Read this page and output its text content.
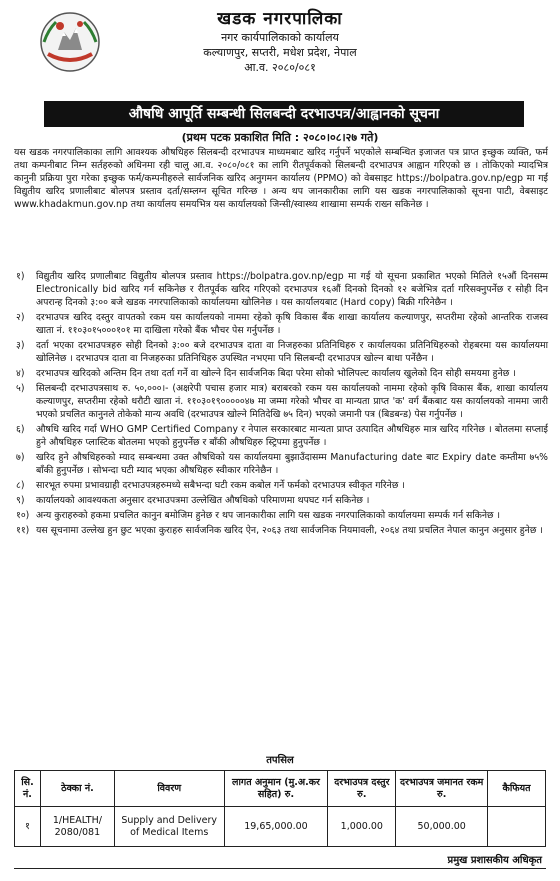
खडक नगरपालिका
नगर कार्यपालिकाको कार्यालय
कल्याणपुर, सप्तरी, मधेश प्रदेश, नेपाल
आ.व. २०८०/०८१
औषधि आपूर्ति सम्बन्धी सिलबन्दी दरभाउपत्र/आह्वानको सूचना
(प्रथम पटक प्रकाशित मिति : २०८०।०८।२७ गते)

यस खडक नगरपालिकाका लागि आवश्यक औषधिहरु सिलबन्दी दरभाउपत्र माध्यमबाट खरिद गर्नुपर्ने भएकोले सम्बन्धित इजाजत पत्र प्राप्त इच्छुक व्यक्ति, फर्म तथा कम्पनीबाट निम्न सर्तहरुको अधिनमा रही चालु आ.व. २०८०/०८१ का लागि रीतपूर्वकको सिलबन्दी दरभाउपत्र आह्वान गरिएको छ । तोकिएको म्यादभित्र कानुनी प्रक्रिया पुरा गरेका इच्छुक फर्म/कम्पनीहरुले सार्वजनिक खरिद अनुगमन कार्यालय (PPMO) को वेबसाइट https://bolpatra.gov.np/egp मा गई विद्युतीय खरिद प्रणालीबाट बोलपत्र प्रस्ताव दर्ता/सम्लग्न सूचित गरिन्छ । अन्य थप जानकारीका लागि यस खडक नगरपालिकाको सूचना पाटी, वेबसाइट www.khadakmun.gov.np तथा कार्यालय समयभित्र यस कार्यालयको जिन्सी/स्वास्थ्य शाखामा सम्पर्क राख्न सकिनेछ ।

१) विद्युतीय खरिद प्रणालीबाट विद्युतीय बोलपत्र प्रस्ताव https://bolpatra.gov.np/egp मा गई यो सूचना प्रकाशित भएको मितिले १५औं दिनसम्म Electronically bid खरिद गर्न सकिनेछ र रीतपूर्वक खरिद गरिएको दरभाउपत्र १६औं दिनको दिनको १२ बजेभित्र दर्ता गरिसक्नुपर्नेछ र सोही दिन अपरान्ह दिनको ३:०० बजे खडक नगरपालिकाको कार्यालयमा खोलिनेछ । यस कार्यालयबाट (Hard copy) बिक्री गरिनेछैन ।
२) दरभाउपत्र खरिद दस्तुर वापतको रकम यस कार्यालयको नाममा रहेको कृषि विकास बैंक शाखा कार्यालय कल्याणपुर, सप्तरीमा रहेको आन्तरिक राजस्व खाता नं. ११०३०१५०००१०१ मा दाखिला गरेको बैंक भौचर पेस गर्नुपर्नेछ ।
३) दर्ता भएका दरभाउपत्रहरु सोही दिनको ३:०० बजे दरभाउपत्र दाता वा निजहरुका प्रतिनिधिहरु र कार्यालयका प्रतिनिधिहरुको रोहबरमा यस कार्यालयमा खोलिनेछ । दरभाउपत्र दाता वा निजहरुका प्रतिनिधिहरु उपस्थित नभएमा पनि सिलबन्दी दरभाउपत्र खोल्न बाधा पर्नेछैन ।
४) दरभाउपत्र खरिदको अन्तिम दिन तथा दर्ता गर्ने वा खोल्ने दिन सार्वजनिक बिदा परेमा सोको भोलिपल्ट कार्यालय खुलेको दिन सोही समयमा हुनेछ ।
५) सिलबन्दी दरभाउपत्रसाथ रु. ५०,०००।- (अक्षरेपी पचास हजार मात्र) बराबरको रकम यस कार्यालयको नाममा रहेको कृषि विकास बैंक, शाखा कार्यालय कल्याणपुर, सप्तरीमा रहेको धरौटी खाता नं. ११०३०१९०००००४७ मा जम्मा गरेको भौचर वा मान्यता प्राप्त 'क' वर्ग बैंकबाट यस कार्यालयको नाममा जारी भएको प्रचलित कानुनले तोकेको मान्य अवधि (दरभाउपत्र खोल्ने मितिदेखि ७५ दिन) भएको जमानी पत्र (बिडबन्ड) पेस गर्नुपर्नेछ ।
६) औषधि खरिद गर्दा WHO GMP Certified Company र नेपाल सरकारबाट मान्यता प्राप्त उत्पादित औषधिहरु मात्र खरिद गरिनेछ । बोतलमा सप्लाई हुने औषधिहरु प्लास्टिक बोतलमा भएको हुनुपर्नेछ र बाँकी औषधिहरु स्ट्रिपमा हुनुपर्नेछ ।
७) खरिद हुने औषधिहरुको म्याद सम्बन्धमा उक्त औषधिको यस कार्यालयमा बुझाउँदासम्म Manufacturing date बाट Expiry date कम्तीमा ७५% बाँकी हुनुपर्नेछ । सोभन्दा घटी म्याद भएका औषधिहरु स्वीकार गरिनेछैन ।
८) सारभूत रुपमा प्रभावग्राही दरभाउपत्रहरुमध्ये सबैभन्दा घटी रकम कबोल गर्ने फर्मको दरभाउपत्र स्वीकृत गरिनेछ ।
९) कार्यालयको आवश्यकता अनुसार दरभाउपत्रमा उल्लेखित औषधिको परिमाणमा थपघट गर्न सकिनेछ ।
१०) अन्य कुराहरुको हकमा प्रचलित कानुन बमोजिम हुनेछ र थप जानकारीका लागि यस खडक नगरपालिकाको कार्यालयमा सम्पर्क गर्न सकिनेछ ।
११) यस सूचनामा उल्लेख हुन छुट भएका कुराहरु सार्वजनिक खरिद ऐन, २०६३ तथा सार्वजनिक नियमावली, २०६४ तथा प्रचलित नेपाल कानुन अनुसार हुनेछ ।
तपसिल
सि. नं.	ठेक्का नं.	विवरण	लागत अनुमान (मु.अ.कर सहित) रु.	दरभाउपत्र दस्तुर रु.	दरभाउपत्र जमानत रकम रु.	कैफियत
१	1/HEALTH/ 2080/081	Supply and Delivery of Medical Items	19,65,000.00	1,000.00	50,000.00	
प्रमुख प्रशासकीय अधिकृत
